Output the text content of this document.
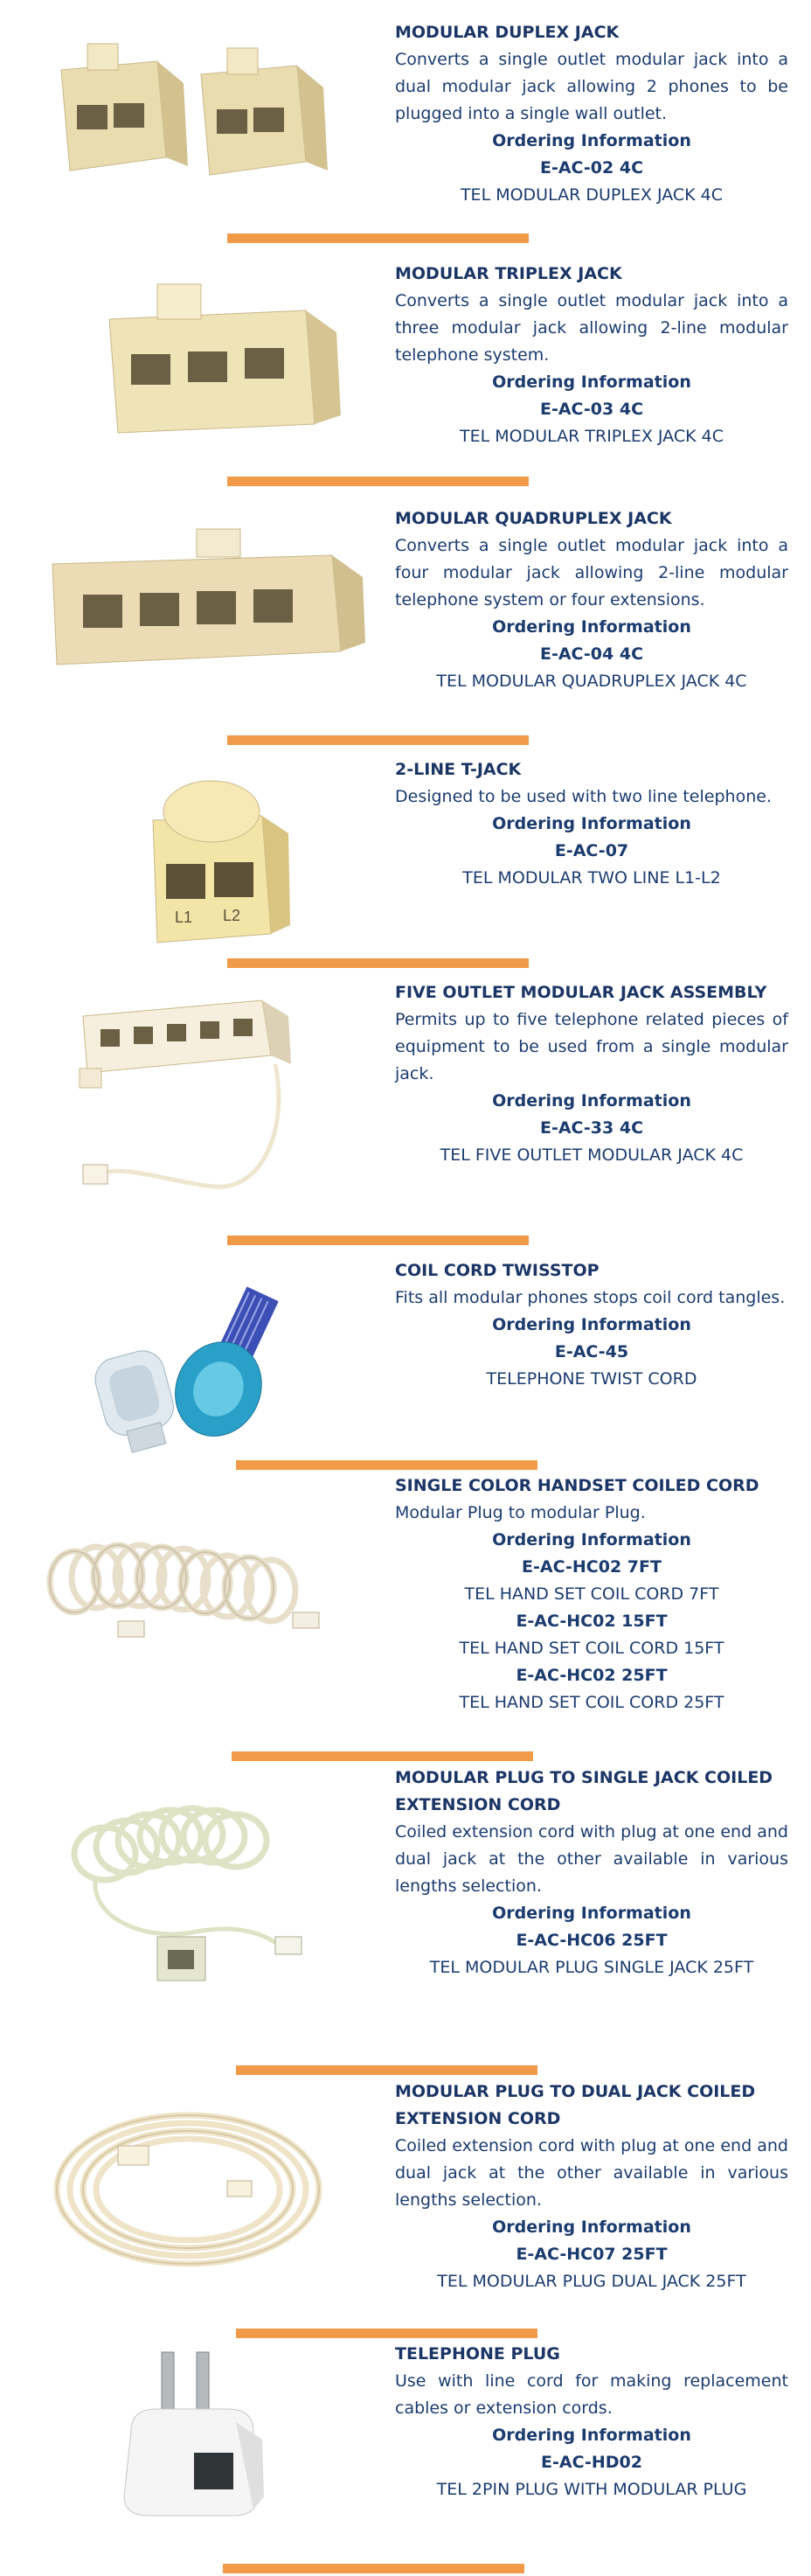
MODULAR DUPLEX JACK
Converts a single outlet modular jack into a dual modular jack allowing 2 phones to be plugged into a single wall outlet.
Ordering Information
E-AC-02 4C
TEL MODULAR DUPLEX JACK 4C
MODULAR TRIPLEX JACK
Converts a single outlet modular jack into a three modular jack allowing 2-line modular telephone system.
Ordering Information
E-AC-03 4C
TEL MODULAR TRIPLEX JACK 4C
MODULAR QUADRUPLEX JACK
Converts a single outlet modular jack into a four modular jack allowing 2-line modular telephone system or four extensions.
Ordering Information
E-AC-04 4C
TEL MODULAR QUADRUPLEX JACK 4C
L1 L2
2-LINE T-JACK
Designed to be used with two line telephone.
Ordering Information
E-AC-07
TEL MODULAR TWO LINE L1-L2
FIVE OUTLET MODULAR JACK ASSEMBLY
Permits up to five telephone related pieces of equipment to be used from a single modular jack.
Ordering Information
E-AC-33 4C
TEL FIVE OUTLET MODULAR JACK 4C
COIL CORD TWISSTOP
Fits all modular phones stops coil cord tangles.
Ordering Information
E-AC-45
TELEPHONE TWIST CORD
SINGLE COLOR HANDSET COILED CORD
Modular Plug to modular Plug.
Ordering Information
E-AC-HC02 7FT
TEL HAND SET COIL CORD 7FT
E-AC-HC02 15FT
TEL HAND SET COIL CORD 15FT
E-AC-HC02 25FT
TEL HAND SET COIL CORD 25FT
MODULAR PLUG TO SINGLE JACK COILED EXTENSION CORD
Coiled extension cord with plug at one end and dual jack at the other available in various lengths selection.
Ordering Information
E-AC-HC06 25FT
TEL MODULAR PLUG SINGLE JACK 25FT
MODULAR PLUG TO DUAL JACK COILED EXTENSION CORD
Coiled extension cord with plug at one end and dual jack at the other available in various lengths selection.
Ordering Information
E-AC-HC07 25FT
TEL MODULAR PLUG DUAL JACK 25FT
TELEPHONE PLUG
Use with line cord for making replacement cables or extension cords.
Ordering Information
E-AC-HD02
TEL 2PIN PLUG WITH MODULAR PLUG
